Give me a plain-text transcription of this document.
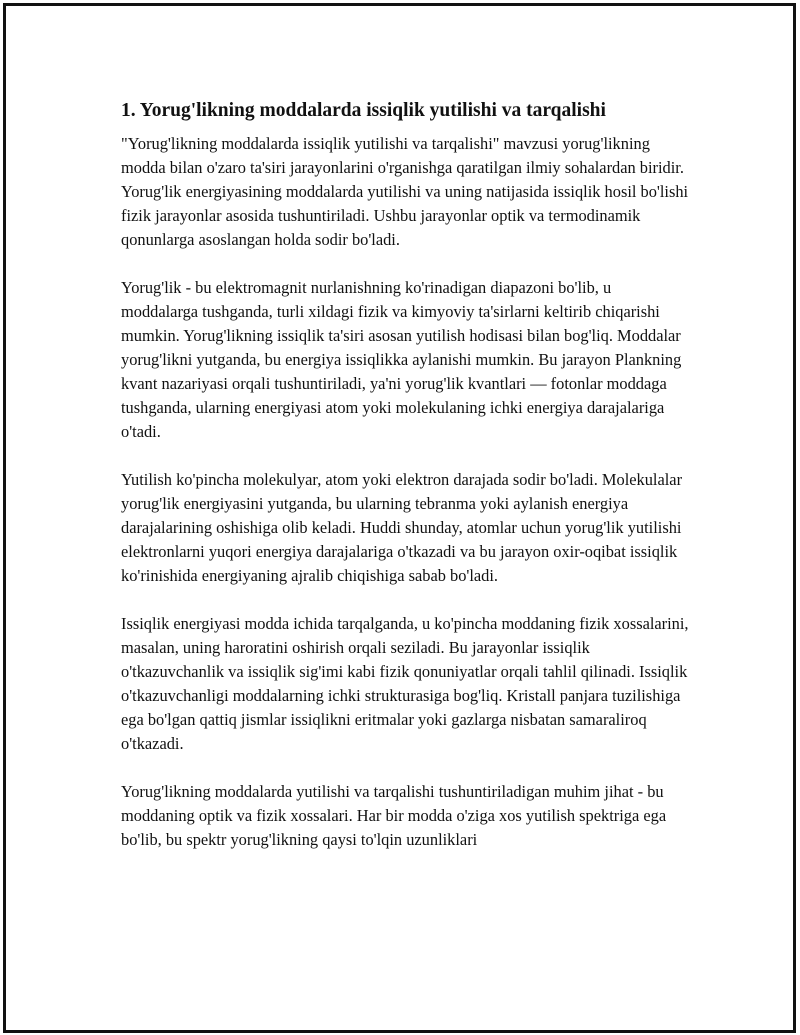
1. Yorug'likning moddalarda issiqlik yutilishi va tarqalishi

"Yorug'likning moddalarda issiqlik yutilishi va tarqalishi" mavzusi yorug'likning modda bilan o'zaro ta'siri jarayonlarini o'rganishga qaratilgan ilmiy sohalardan biridir. Yorug'lik energiyasining moddalarda yutilishi va uning natijasida issiqlik hosil bo'lishi fizik jarayonlar asosida tushuntiriladi. Ushbu jarayonlar optik va termodinamik qonunlarga asoslangan holda sodir bo'ladi.

Yorug'lik - bu elektromagnit nurlanishning ko'rinadigan diapazoni bo'lib, u moddalarga tushganda, turli xildagi fizik va kimyoviy ta'sirlarni keltirib chiqarishi mumkin. Yorug'likning issiqlik ta'siri asosan yutilish hodisasi bilan bog'liq. Moddalar yorug'likni yutganda, bu energiya issiqlikka aylanishi mumkin. Bu jarayon Plankning kvant nazariyasi orqali tushuntiriladi, ya'ni yorug'lik kvantlari — fotonlar moddaga tushganda, ularning energiyasi atom yoki molekulaning ichki energiya darajalariga o'tadi.

Yutilish ko'pincha molekulyar, atom yoki elektron darajada sodir bo'ladi. Molekulalar yorug'lik energiyasini yutganda, bu ularning tebranma yoki aylanish energiya darajalarining oshishiga olib keladi. Huddi shunday, atomlar uchun yorug'lik yutilishi elektronlarni yuqori energiya darajalariga o'tkazadi va bu jarayon oxir-oqibat issiqlik ko'rinishida energiyaning ajralib chiqishiga sabab bo'ladi.

Issiqlik energiyasi modda ichida tarqalganda, u ko'pincha moddaning fizik xossalarini, masalan, uning haroratini oshirish orqali seziladi. Bu jarayonlar issiqlik o'tkazuvchanlik va issiqlik sig'imi kabi fizik qonuniyatlar orqali tahlil qilinadi. Issiqlik o'tkazuvchanligi moddalarning ichki strukturasiga bog'liq. Kristall panjara tuzilishiga ega bo'lgan qattiq jismlar issiqlikni eritmalar yoki gazlarga nisbatan samaraliroq o'tkazadi.

Yorug'likning moddalarda yutilishi va tarqalishi tushuntiriladigan muhim jihat - bu moddaning optik va fizik xossalari. Har bir modda o'ziga xos yutilish spektriga ega bo'lib, bu spektr yorug'likning qaysi to'lqin uzunliklari
